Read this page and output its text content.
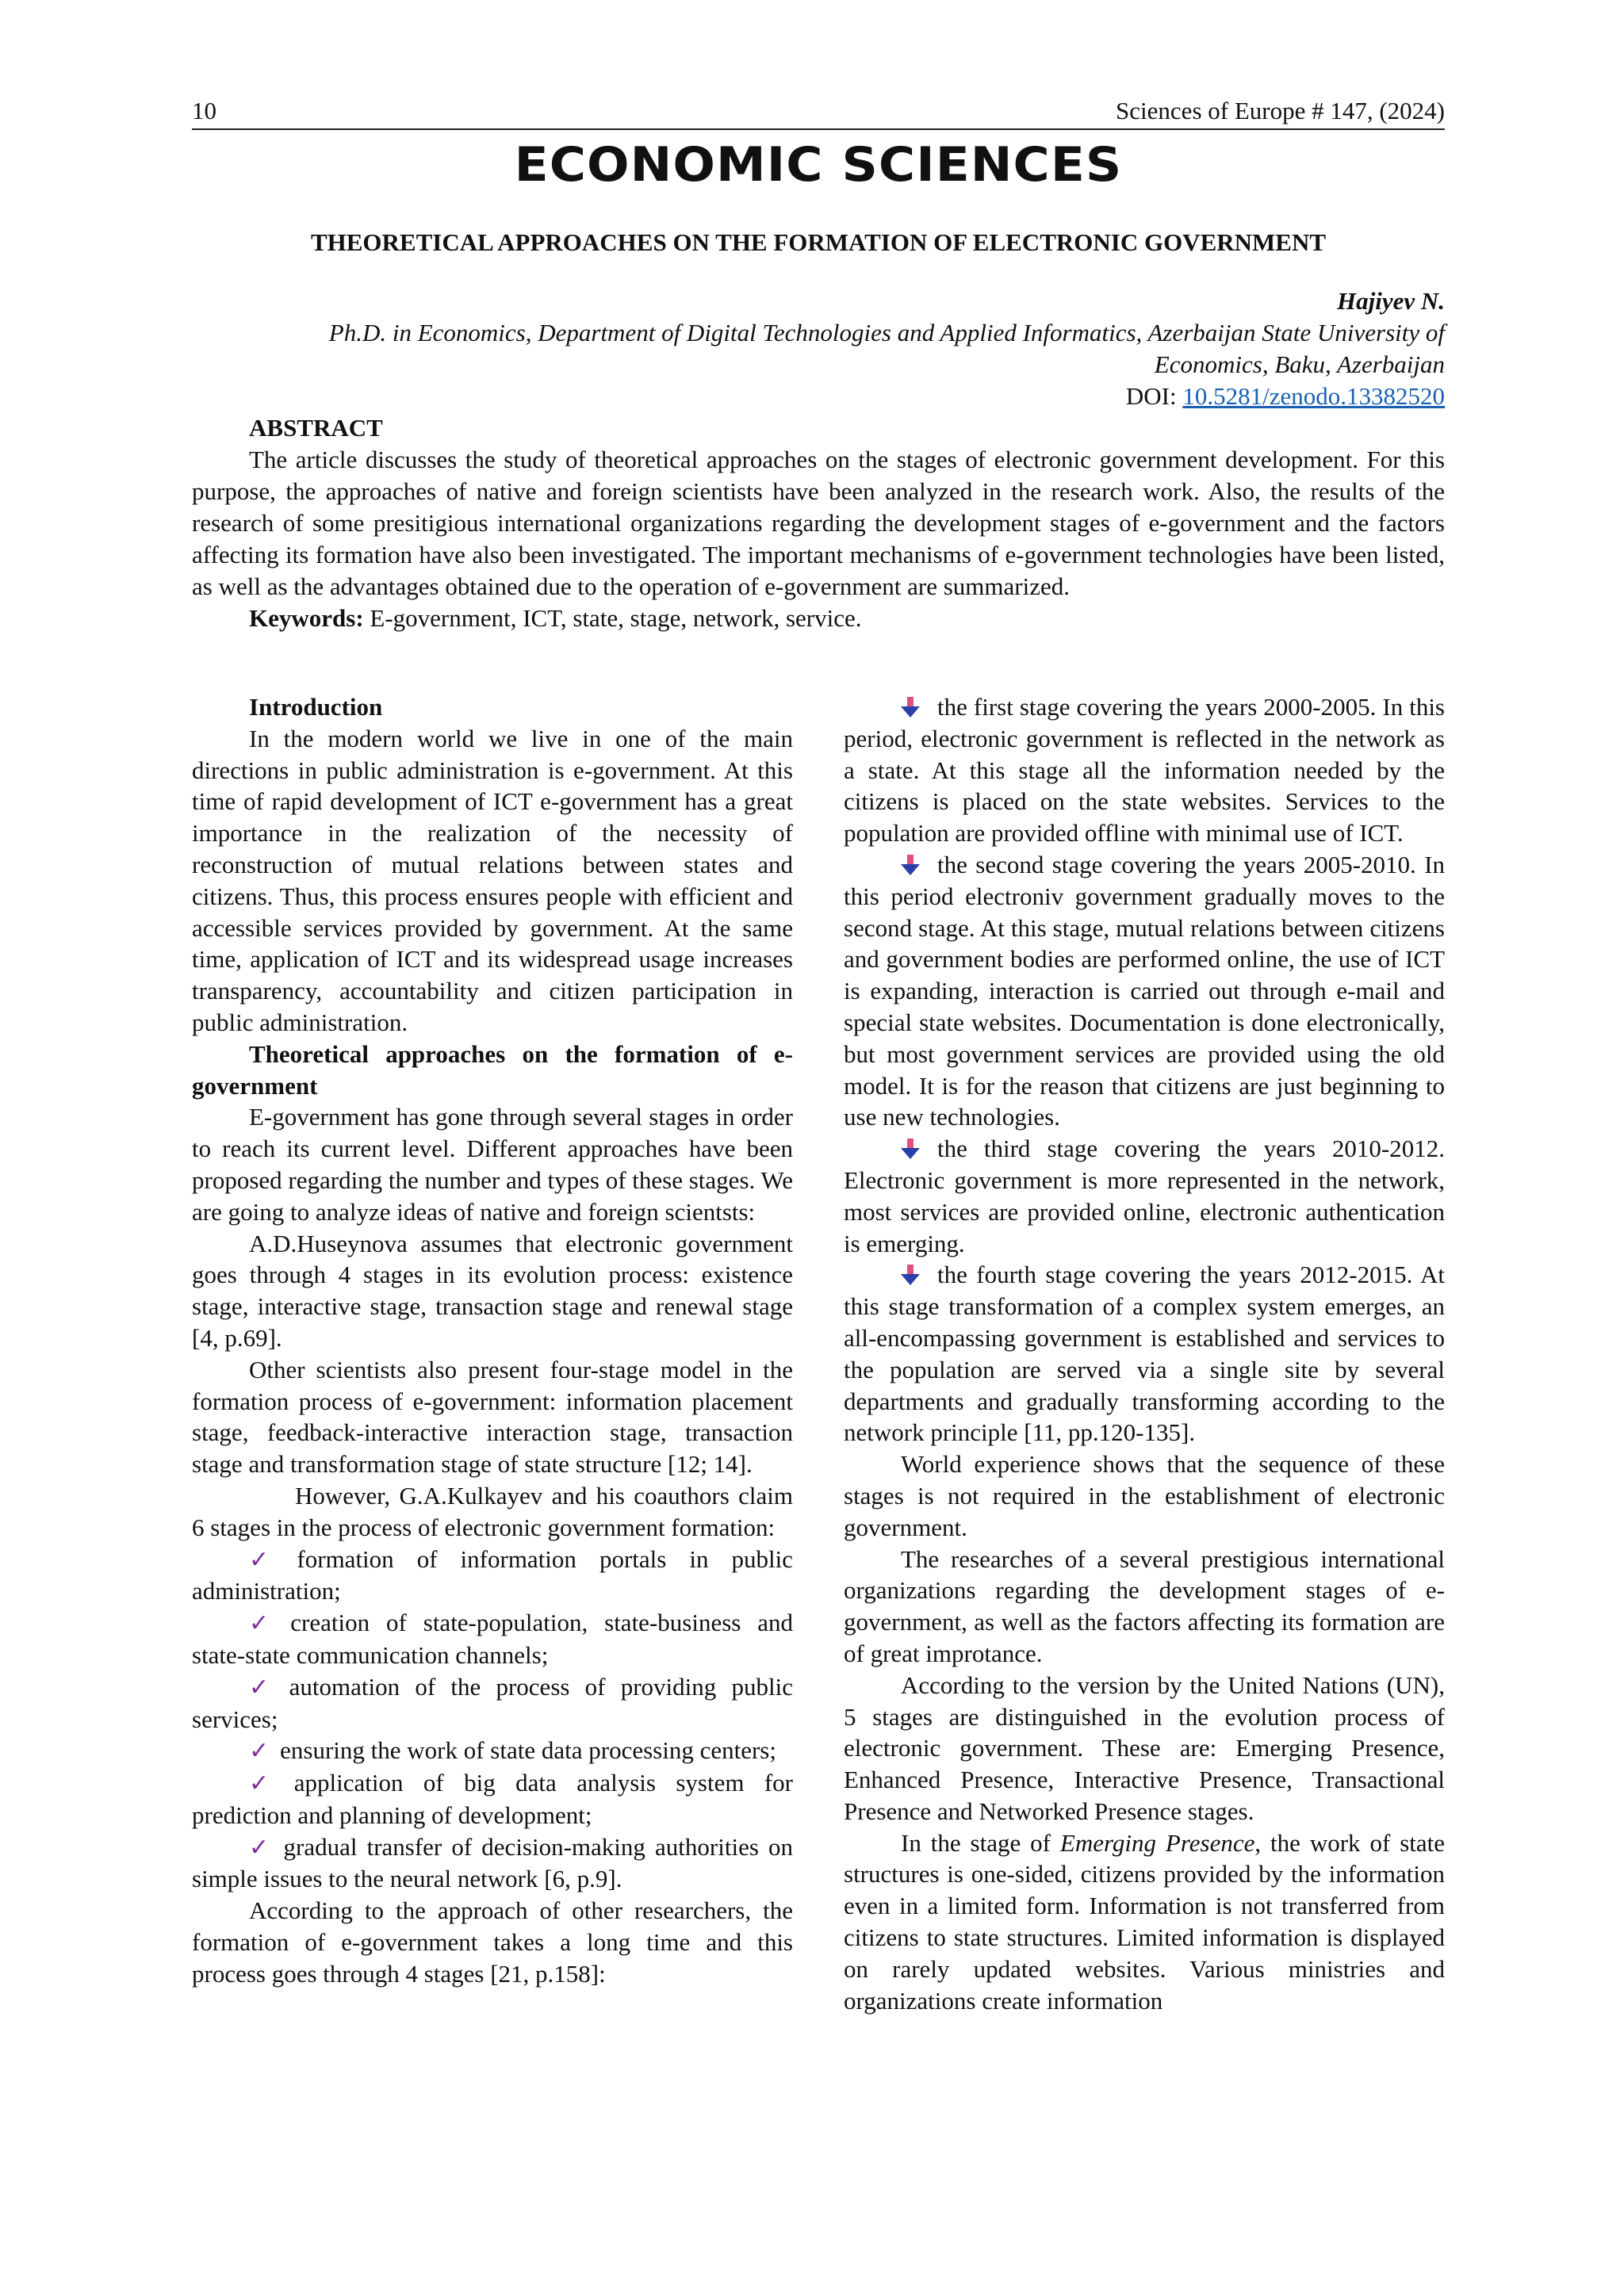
10	Sciences of Europe # 147, (2024)
ECONOMIC SCIENCES
THEORETICAL APPROACHES ON THE FORMATION OF ELECTRONIC GOVERNMENT
Hajiyev N.
Ph.D. in Economics, Department of Digital Technologies and Applied Informatics, Azerbaijan State University of Economics, Baku, Azerbaijan
DOI: 10.5281/zenodo.13382520
ABSTRACT
The article discusses the study of theoretical approaches on the stages of electronic government development. For this purpose, the approaches of native and foreign scientists have been analyzed in the research work. Also, the results of the research of some presitigious international organizations regarding the development stages of e-government and the factors affecting its formation have also been investigated. The important mechanisms of e-government technologies have been listed, as well as the advantages obtained due to the operation of e-government are summarized.
Keywords: E-government, ICT, state, stage, network, service.

Introduction

In the modern world we live in one of the main directions in public administration is e-government. At this time of rapid development of ICT e-government has a great importance in the realization of the necessity of reconstruction of mutual relations between states and citizens. Thus, this process ensures people with efficient and accessible services provided by government. At the same time, application of ICT and its widespread usage increases transparency, accountability and citizen participation in public administration.

Theoretical approaches on the formation of e-government

E-government has gone through several stages in order to reach its current level. Different approaches have been proposed regarding the number and types of these stages. We are going to analyze ideas of native and foreign scientsts:

A.D.Huseynova assumes that electronic government goes through 4 stages in its evolution process: existence stage, interactive stage, transaction stage and renewal stage [4, p.69].

Other scientists also present four-stage model in the formation process of e-government: information placement stage, feedback-interactive interaction stage, transaction stage and transformation stage of state structure [12; 14].

However, G.A.Kulkayev and his coauthors claim 6 stages in the process of electronic government formation:

✓ formation of information portals in public administration;

✓ creation of state-population, state-business and state-state communication channels;

✓ automation of the process of providing public services;

✓ ensuring the work of state data processing centers;

✓ application of big data analysis system for prediction and planning of development;

✓ gradual transfer of decision-making authorities on simple issues to the neural network [6, p.9].

According to the approach of other researchers, the formation of e-government takes a long time and this process goes through 4 stages [21, p.158]:

the first stage covering the years 2000-2005. In this period, electronic government is reflected in the network as a state. At this stage all the information needed by the citizens is placed on the state websites. Services to the population are provided offline with minimal use of ICT.

the second stage covering the years 2005-2010. In this period electroniv government gradually moves to the second stage. At this stage, mutual relations between citizens and government bodies are performed online, the use of ICT is expanding, interaction is carried out through e-mail and special state websites. Documentation is done electronically, but most government services are provided using the old model. It is for the reason that citizens are just beginning to use new technologies.

the third stage covering the years 2010-2012. Electronic government is more represented in the network, most services are provided online, electronic authentication is emerging.

the fourth stage covering the years 2012-2015. At this stage transformation of a complex system emerges, an all-encompassing government is established and services to the population are served via a single site by several departments and gradually transforming according to the network principle [11, pp.120-135].

World experience shows that the sequence of these stages is not required in the establishment of electronic government.

The researches of a several prestigious international organizations regarding the development stages of e-government, as well as the factors affecting its formation are of great improtance.

According to the version by the United Nations (UN), 5 stages are distinguished in the evolution process of electronic government. These are: Emerging Presence, Enhanced Presence, Interactive Presence, Transactional Presence and Networked Presence stages.

In the stage of Emerging Presence, the work of state structures is one-sided, citizens provided by the information even in a limited form. Information is not transferred from citizens to state structures. Limited information is displayed on rarely updated websites. Various ministries and organizations create information
